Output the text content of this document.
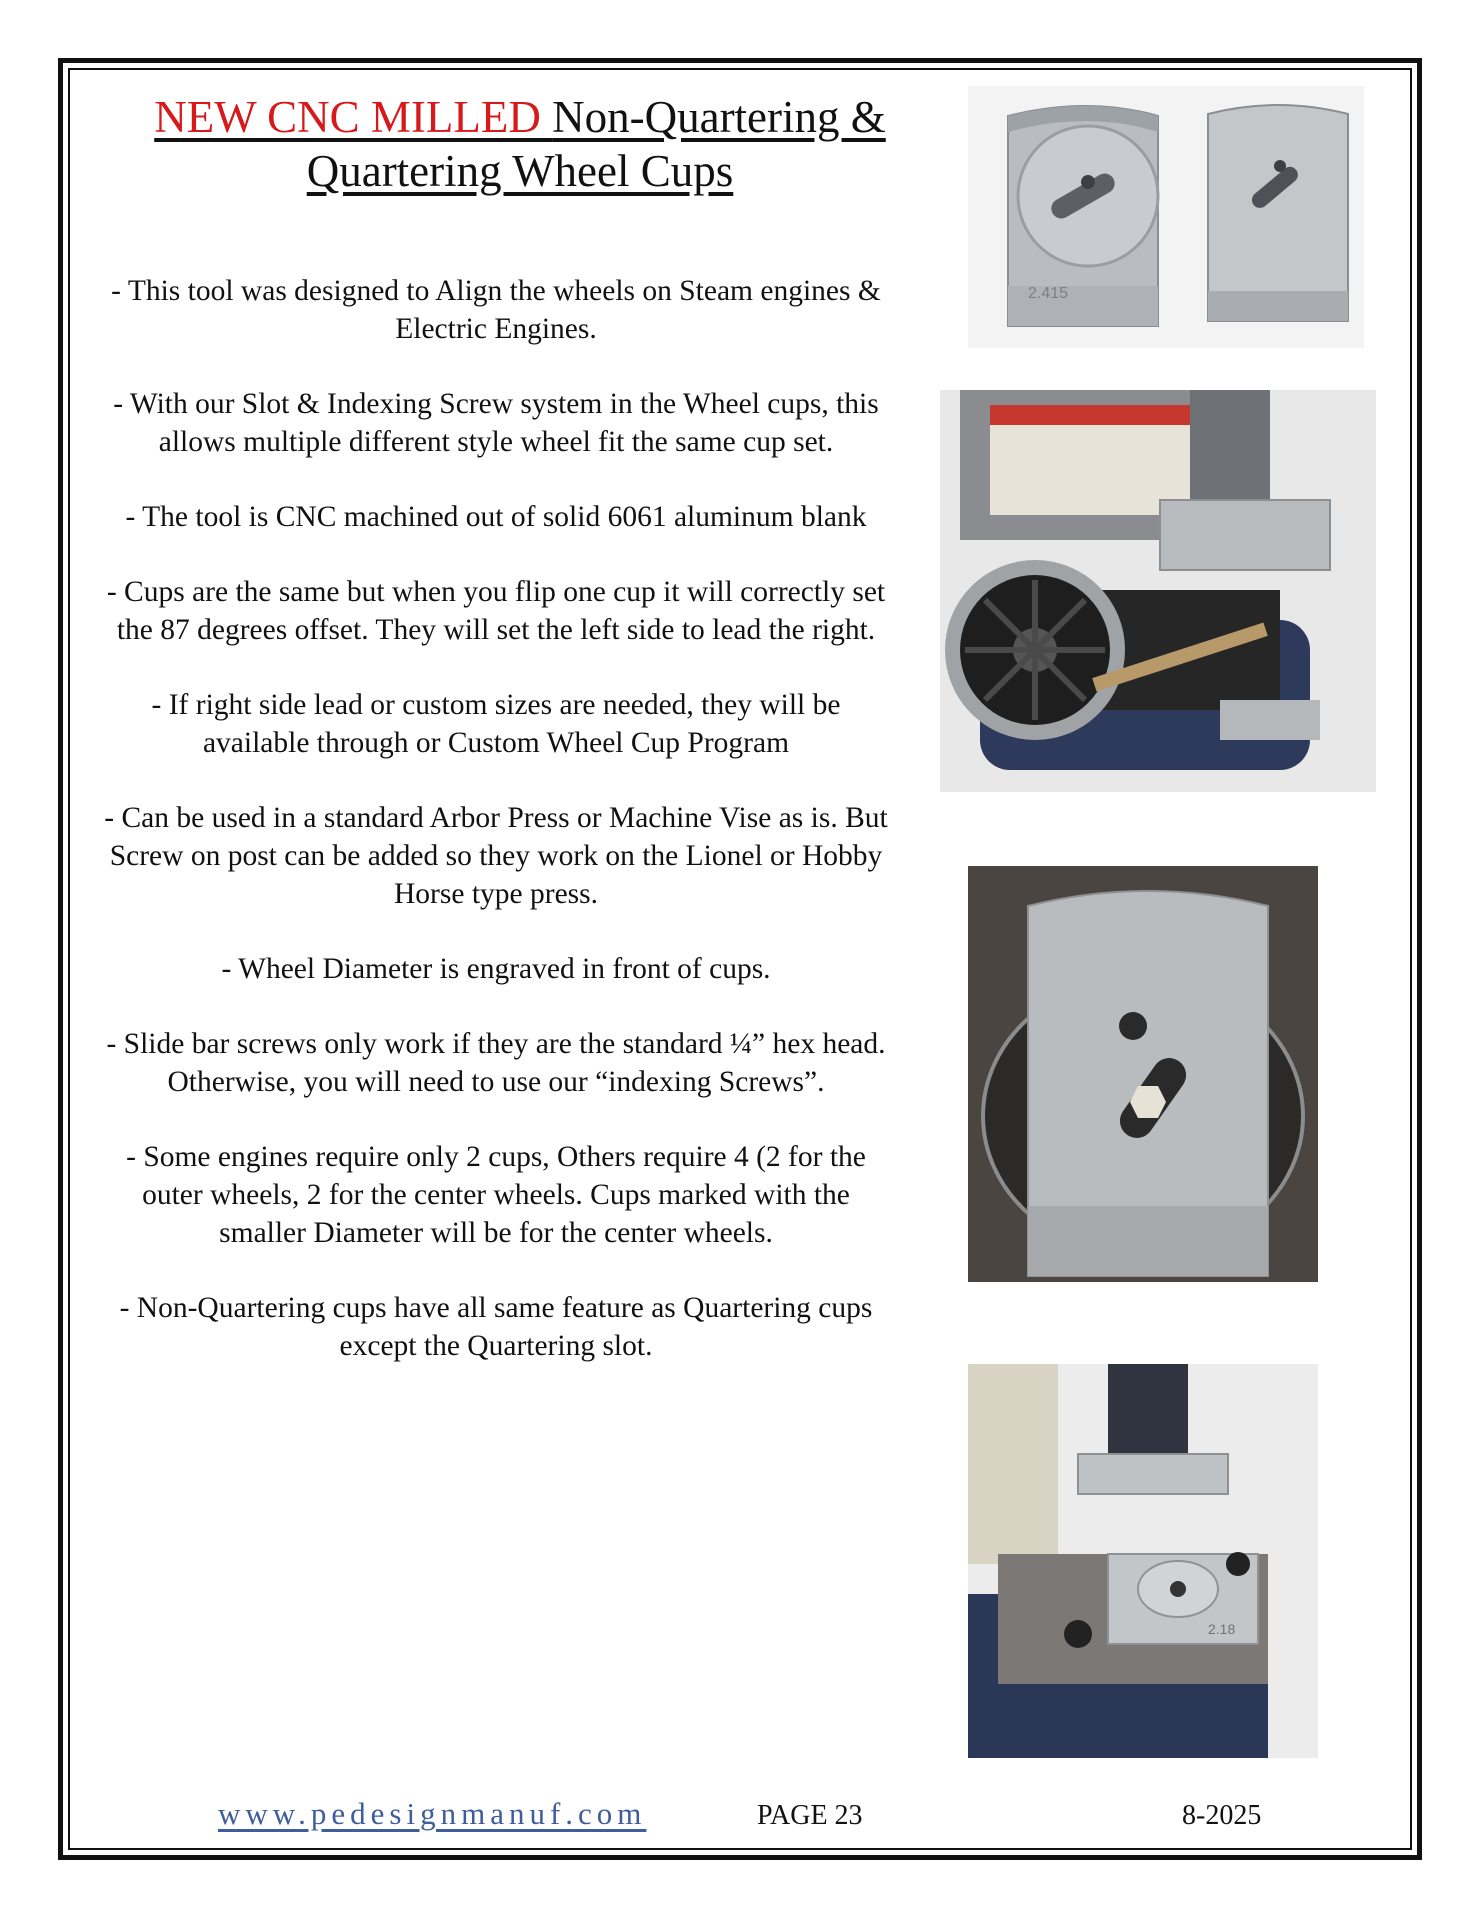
NEW CNC MILLED Non-Quartering &
Quartering Wheel Cups

- This tool was designed to Align the wheels on Steam engines & Electric Engines.

- With our Slot & Indexing Screw system in the Wheel cups, this allows multiple different style wheel fit the same cup set.

- The tool is CNC machined out of solid 6061 aluminum blank

- Cups are the same but when you flip one cup it will correctly set the 87 degrees offset. They will set the left side to lead the right.

- If right side lead or custom sizes are needed, they will be available through or Custom Wheel Cup Program

- Can be used in a standard Arbor Press or Machine Vise as is. But Screw on post can be added so they work on the Lionel or Hobby Horse type press.

- Wheel Diameter is engraved in front of cups.

- Slide bar screws only work if they are the standard ¼” hex head. Otherwise, you will need to use our “indexing Screws”.

- Some engines require only 2 cups, Others require 4 (2 for the outer wheels, 2 for the center wheels. Cups marked with the smaller Diameter will be for the center wheels.

- Non-Quartering cups have all same feature as Quartering cups except the Quartering slot.

2.415
2.18
www.pedesignmanuf.com	PAGE 23	8-2025
